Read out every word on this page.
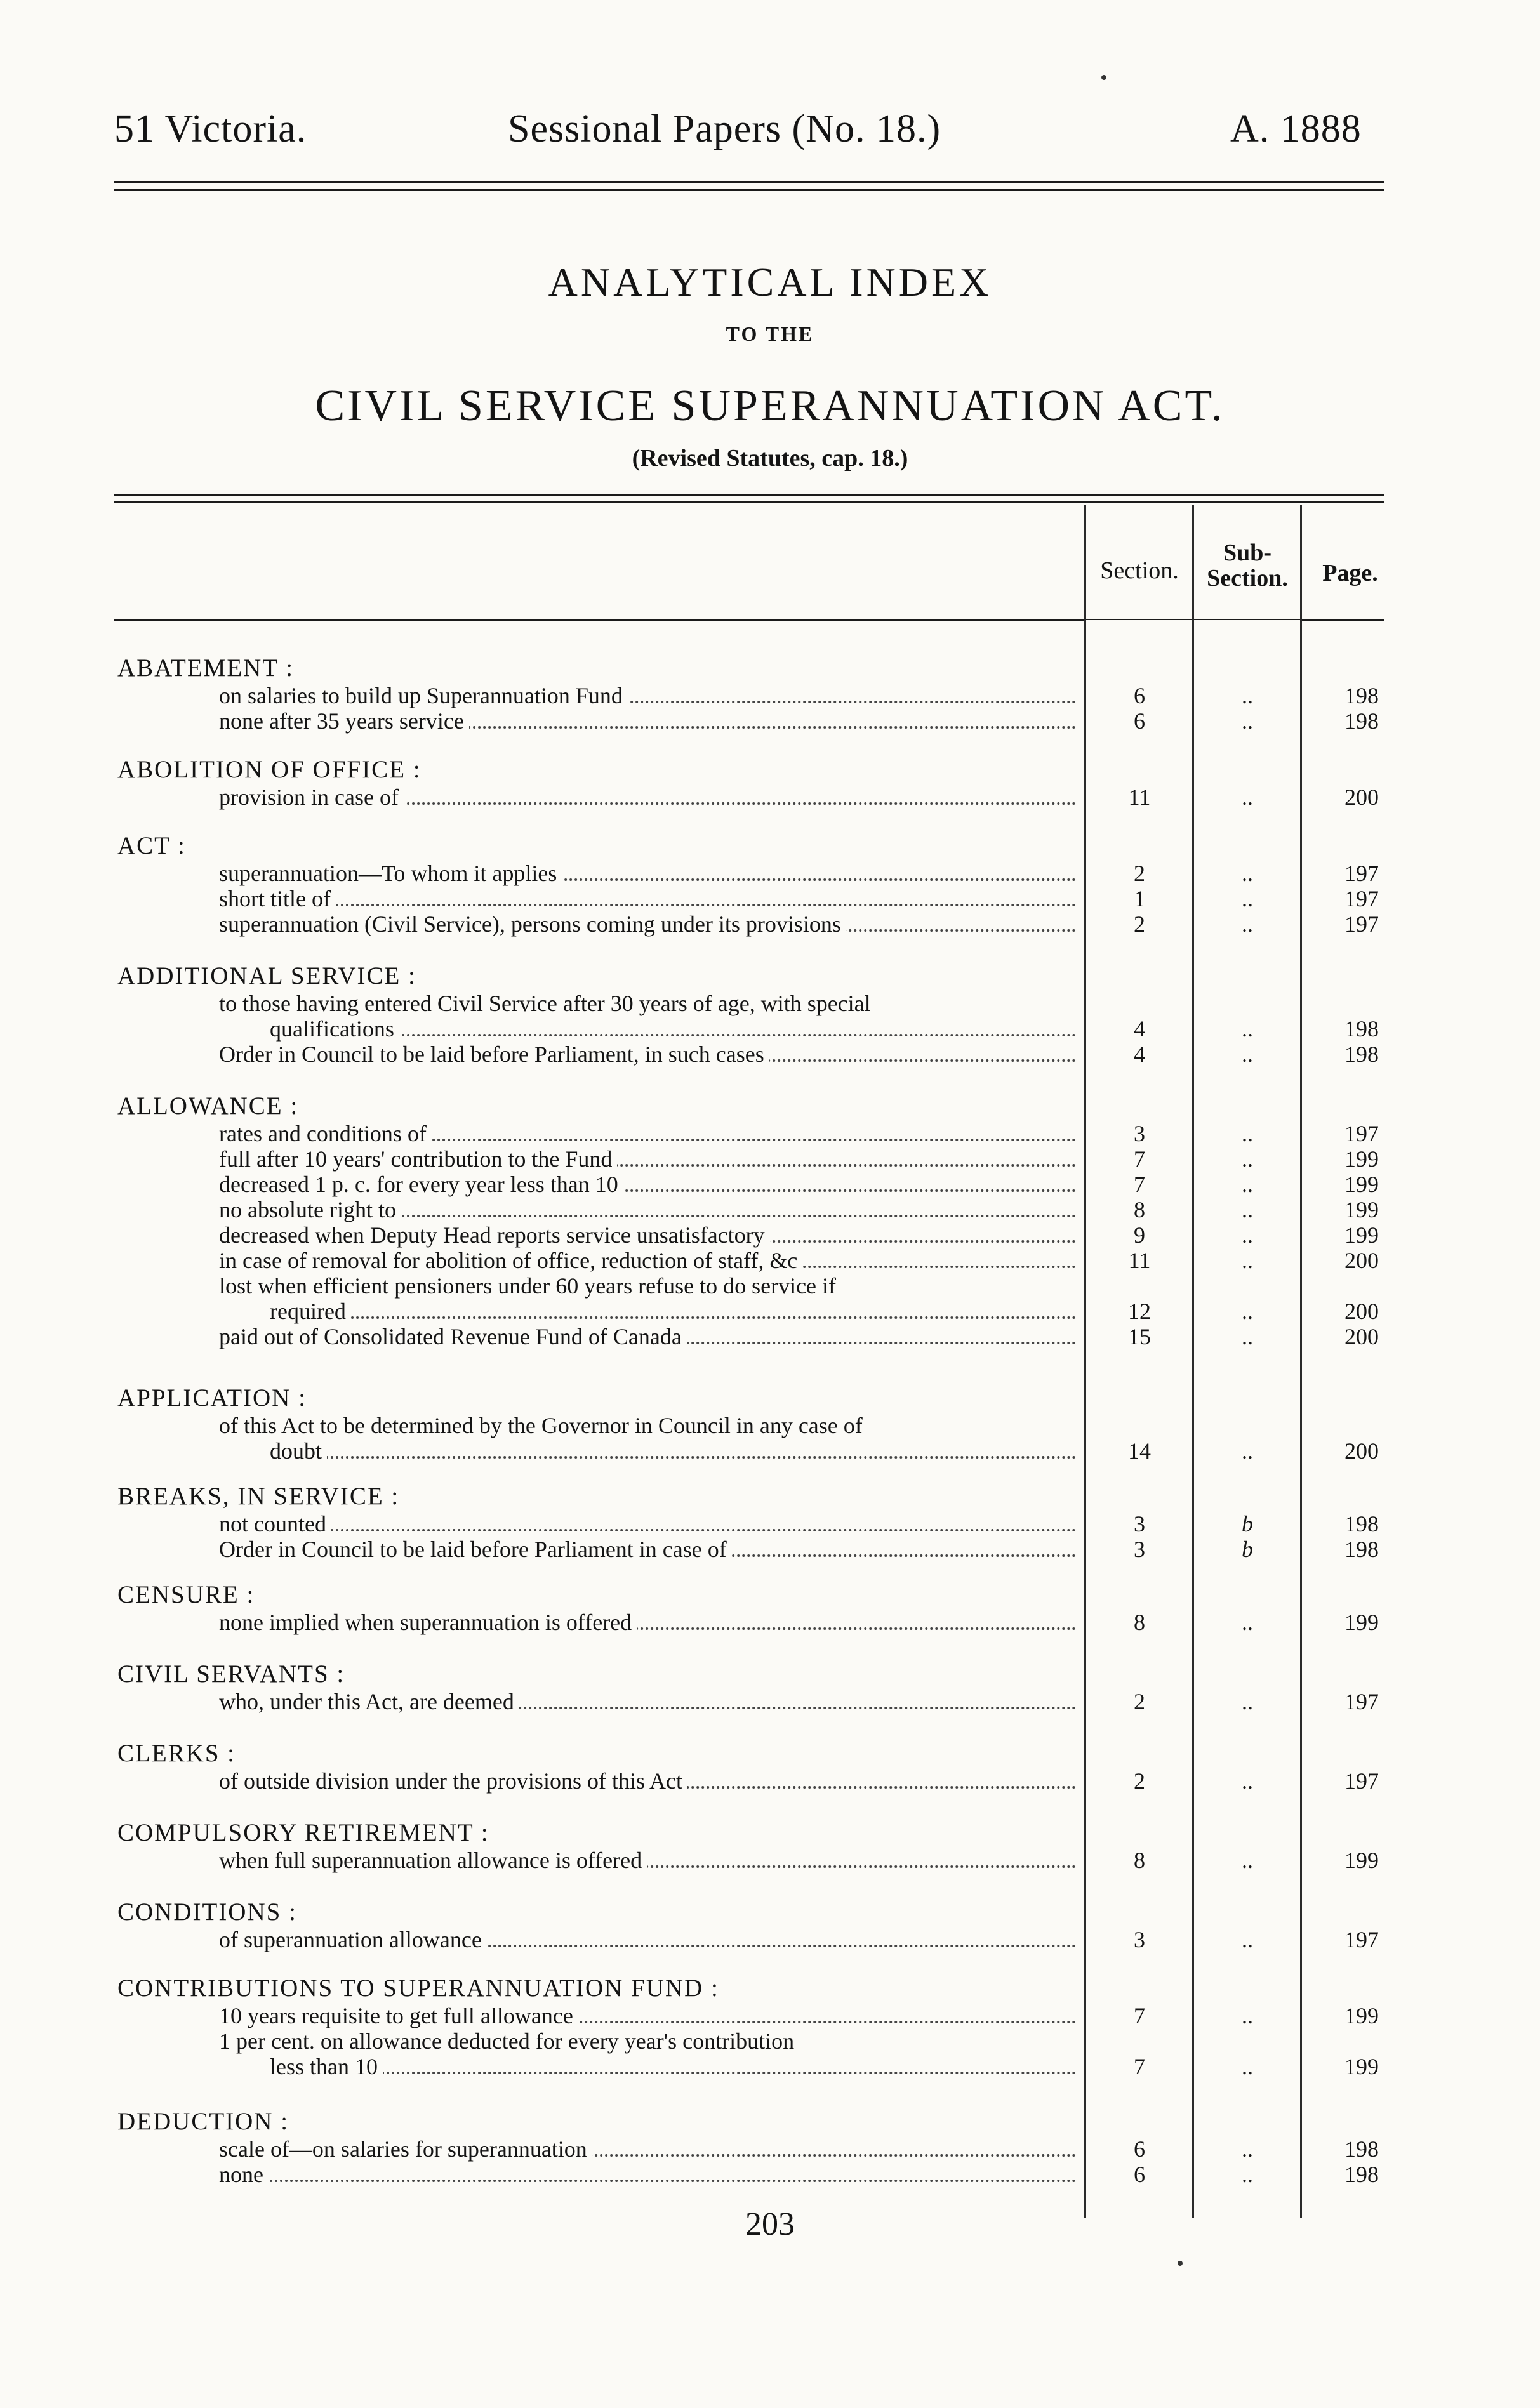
51 Victoria.	Sessional Papers (No. 18.)	A. 1888
ANALYTICAL INDEX
TO THE
CIVIL SERVICE SUPERANNUATION ACT.
(Revised Statutes, cap. 18.)
Section.
Sub-
Section.	Page.
ABATEMENT :
on salaries to build up Superannuation Fund	6	..	198
none after 35 years service	6	..	198
ABOLITION OF OFFICE :
provision in case of	11	..	200
ACT :
superannuation—To whom it applies	2	..	197
short title of	1	..	197
superannuation (Civil Service), persons coming under its provisions	2	..	197
ADDITIONAL SERVICE :
to those having entered Civil Service after 30 years of age, with special
qualifications	4	..	198
Order in Council to be laid before Parliament, in such cases	4	..	198
ALLOWANCE :
rates and conditions of	3	..	197
full after 10 years' contribution to the Fund	7	..	199
decreased 1 p. c. for every year less than 10	7	..	199
no absolute right to	8	..	199
decreased when Deputy Head reports service unsatisfactory	9	..	199
in case of removal for abolition of office, reduction of staff, &c	11	..	200
lost when efficient pensioners under 60 years refuse to do service if
required	12	..	200
paid out of Consolidated Revenue Fund of Canada	15	..	200
APPLICATION :
of this Act to be determined by the Governor in Council in any case of
doubt	14	..	200
BREAKS, IN SERVICE :
not counted	3	b	198
Order in Council to be laid before Parliament in case of	3	b	198
CENSURE :
none implied when superannuation is offered	8	..	199
CIVIL SERVANTS :
who, under this Act, are deemed	2	..	197
CLERKS :
of outside division under the provisions of this Act	2	..	197
COMPULSORY RETIREMENT :
when full superannuation allowance is offered	8	..	199
CONDITIONS :
of superannuation allowance	3	..	197
CONTRIBUTIONS TO SUPERANNUATION FUND :
10 years requisite to get full allowance	7	..	199
1 per cent. on allowance deducted for every year's contribution
less than 10	7	..	199
DEDUCTION :
scale of—on salaries for superannuation	6	..	198
none	6	..	198
203
